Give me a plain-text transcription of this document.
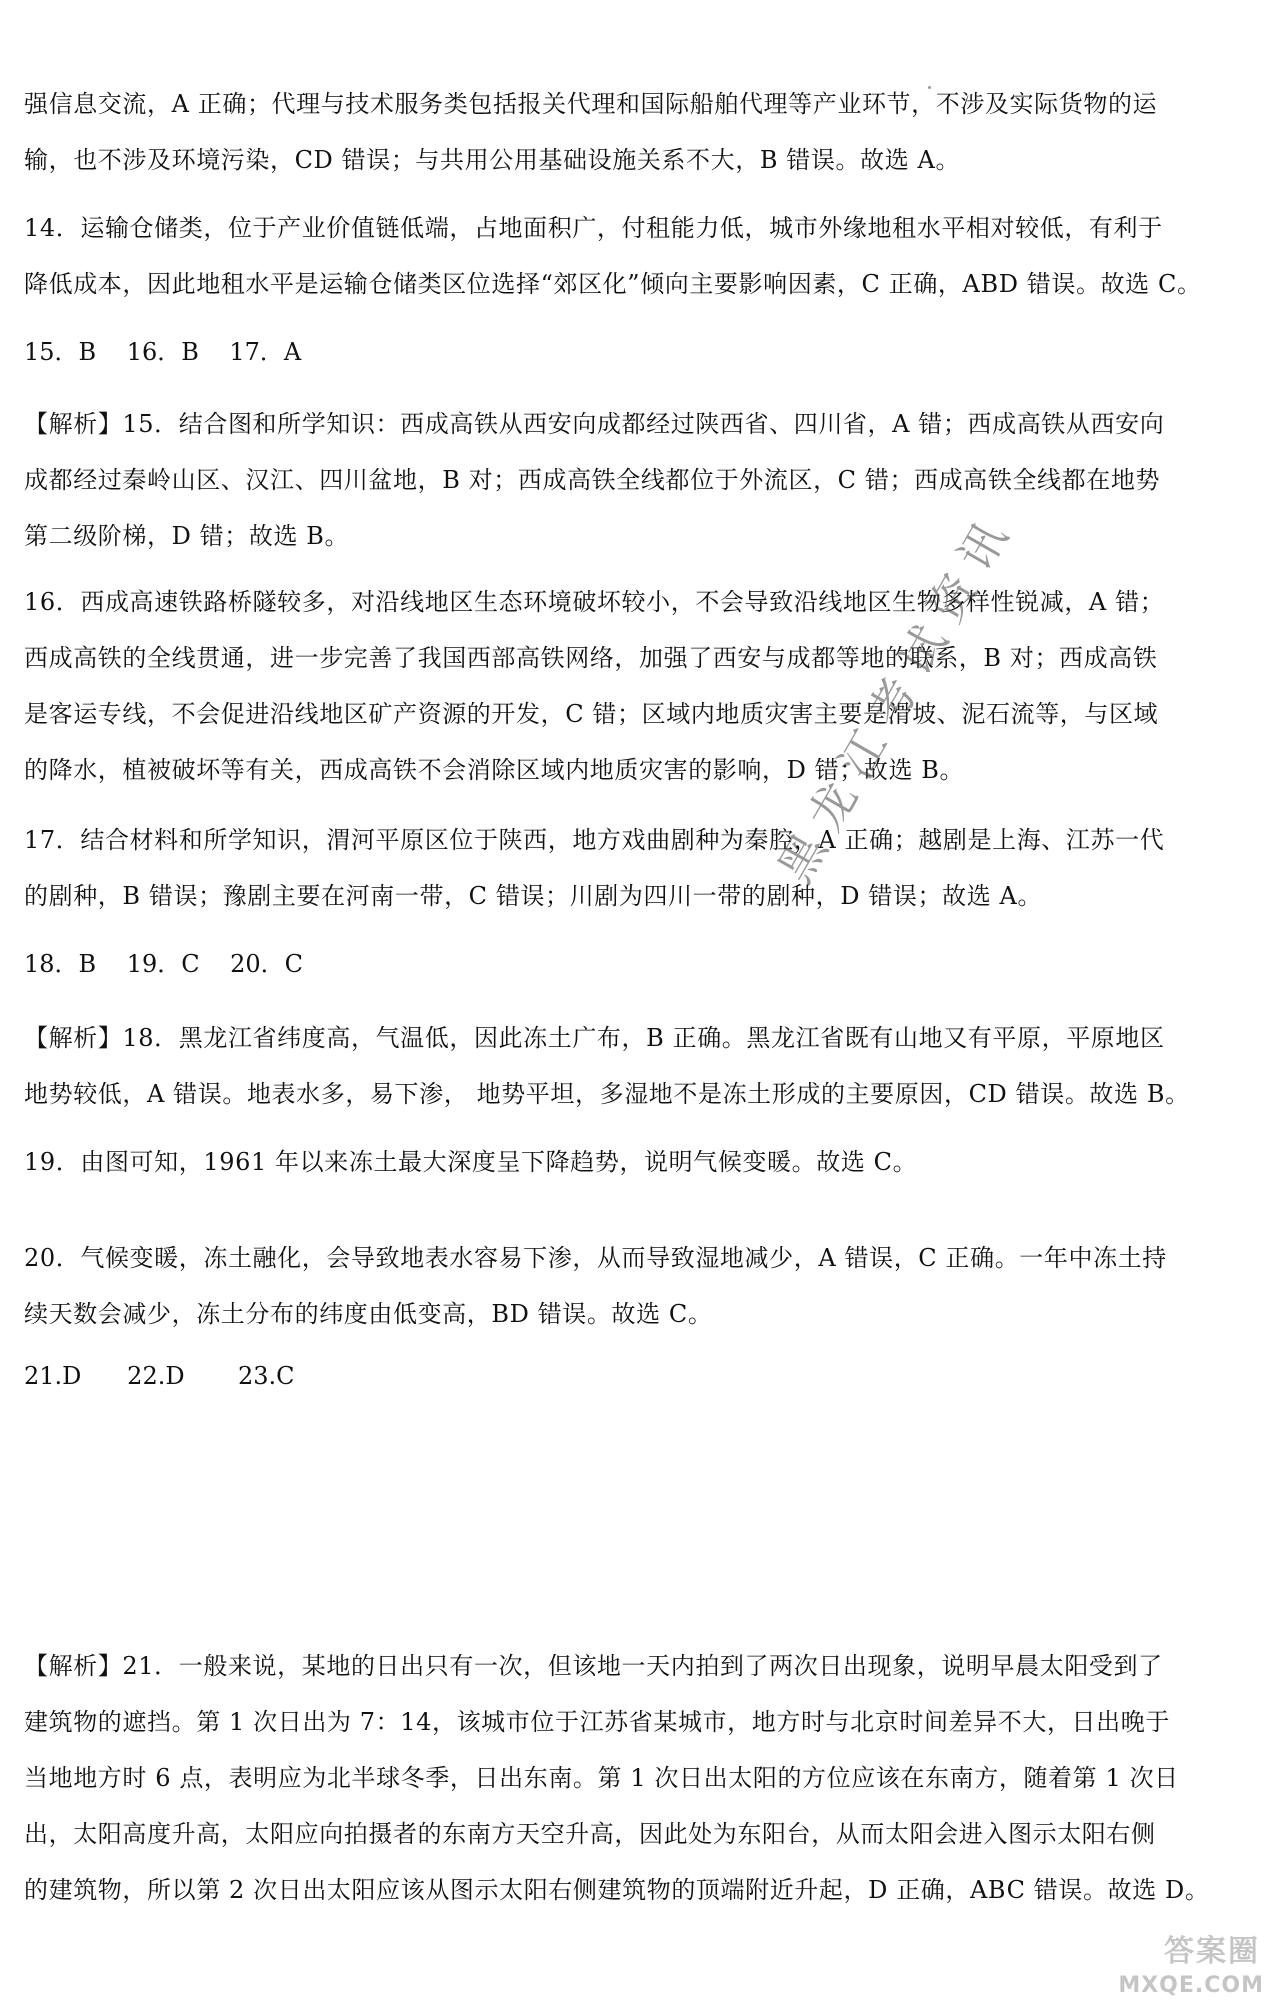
强信息交流，A 正确；代理与技术服务类包括报关代理和国际船舶代理等产业环节，不涉及实际货物的运
输，也不涉及环境污染，CD 错误；与共用公用基础设施关系不大，B 错误。故选 A。
14．运输仓储类，位于产业价值链低端，占地面积广，付租能力低，城市外缘地租水平相对较低，有利于
降低成本，因此地租水平是运输仓储类区位选择“郊区化”倾向主要影响因素，C 正确，ABD 错误。故选 C。
15．B    16．B    17．A
【解析】15．结合图和所学知识：西成高铁从西安向成都经过陕西省、四川省，A 错；西成高铁从西安向
成都经过秦岭山区、汉江、四川盆地，B 对；西成高铁全线都位于外流区，C 错；西成高铁全线都在地势
第二级阶梯，D 错；故选 B。
16．西成高速铁路桥隧较多，对沿线地区生态环境破坏较小，不会导致沿线地区生物多样性锐减，A 错；
西成高铁的全线贯通，进一步完善了我国西部高铁网络，加强了西安与成都等地的联系，B 对；西成高铁
是客运专线，不会促进沿线地区矿产资源的开发，C 错；区域内地质灾害主要是滑坡、泥石流等，与区域
的降水，植被破坏等有关，西成高铁不会消除区域内地质灾害的影响，D 错；故选 B。
17．结合材料和所学知识，渭河平原区位于陕西，地方戏曲剧种为秦腔，A 正确；越剧是上海、江苏一代
的剧种，B 错误；豫剧主要在河南一带，C 错误；川剧为四川一带的剧种，D 错误；故选 A。
18．B    19．C    20．C
【解析】18．黑龙江省纬度高，气温低，因此冻土广布，B 正确。黑龙江省既有山地又有平原，平原地区
地势较低，A 错误。地表水多，易下渗， 地势平坦，多湿地不是冻土形成的主要原因，CD 错误。故选 B。
19．由图可知，1961 年以来冻土最大深度呈下降趋势，说明气候变暖。故选 C。
20．气候变暖，冻土融化，会导致地表水容易下渗，从而导致湿地减少，A 错误，C 正确。一年中冻土持
续天数会减少，冻土分布的纬度由低变高，BD 错误。故选 C。
21.D      22.D       23.C
【解析】21．一般来说，某地的日出只有一次，但该地一天内拍到了两次日出现象，说明早晨太阳受到了
建筑物的遮挡。第 1 次日出为 7：14，该城市位于江苏省某城市，地方时与北京时间差异不大，日出晚于
当地地方时 6 点，表明应为北半球冬季，日出东南。第 1 次日出太阳的方位应该在东南方，随着第 1 次日
出，太阳高度升高，太阳应向拍摄者的东南方天空升高，因此处为东阳台，从而太阳会进入图示太阳右侧
的建筑物，所以第 2 次日出太阳应该从图示太阳右侧建筑物的顶端附近升起，D 正确，ABC 错误。故选 D。
黑龙江考试资讯
答案圈
MXQE.COM
